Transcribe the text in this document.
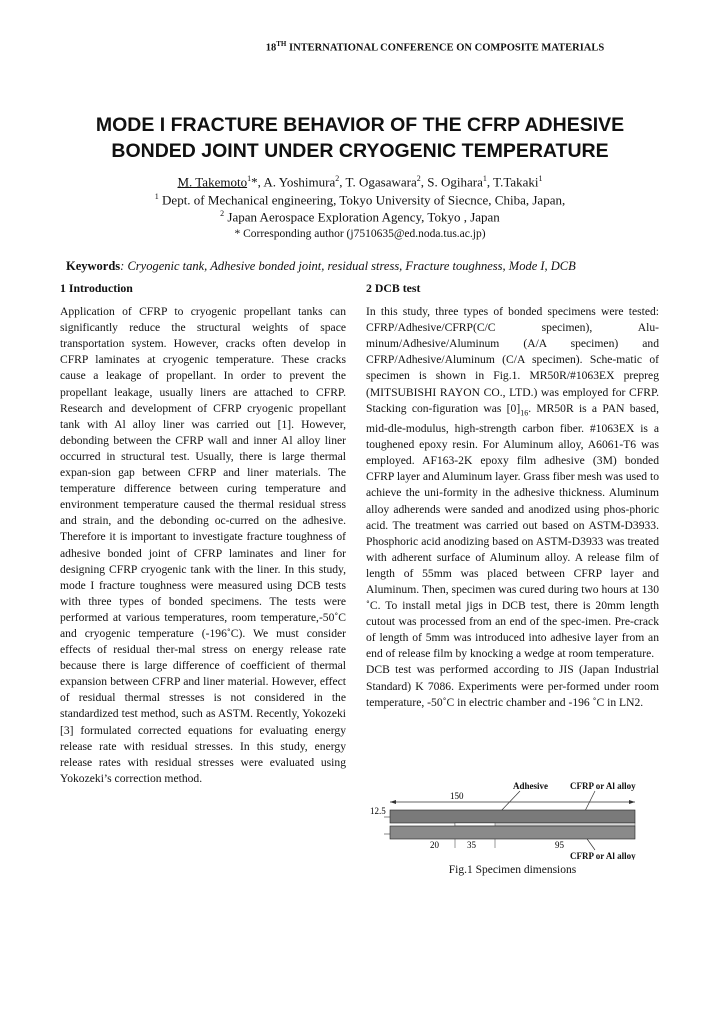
18TH INTERNATIONAL CONFERENCE ON COMPOSITE MATERIALS
MODE I FRACTURE BEHAVIOR OF THE CFRP ADHESIVE
BONDED JOINT UNDER CRYOGENIC TEMPERATURE
M. Takemoto$^1$*, A. Yoshimura$^2$, T. Ogasawara$^2$, S. Ogihara$^1$, T.Takaki$^1$
$^1$ Dept. of Mechanical engineering, Tokyo University of Siecnce, Chiba, Japan,
$^2$ Japan Aerospace Exploration Agency, Tokyo , Japan
* Corresponding author (j7510635@ed.noda.tus.ac.jp)
Keywords: Cryogenic tank, Adhesive bonded joint, residual stress, Fracture toughness, Mode I, DCB
1 Introduction
Application of CFRP to cryogenic propellant tanks can significantly reduce the structural weights of space transportation system. However, cracks often develop in CFRP laminates at cryogenic temperature. These cracks cause a leakage of propellant. In order to prevent the propellant leakage, usually liners are attached to CFRP. Research and development of CFRP cryogenic propellant tank with Al alloy liner was carried out [1]. However, debonding between the CFRP wall and inner Al alloy liner occurred in structural test. Usually, there is large thermal expan-sion gap between CFRP and liner materials. The temperature difference between curing temperature and environment temperature caused the thermal residual stress and strain, and the debonding oc-curred on the adhesive. Therefore it is important to investigate fracture toughness of adhesive bonded joint of CFRP laminates and liner for designing CFRP cryogenic tank with the liner. In this study, mode I fracture toughness were measured using DCB tests with three types of bonded specimens. The tests were performed at various temperatures, room temperature,-50˚C and cryogenic temperature (-196˚C). We must consider effects of residual ther-mal stress on energy release rate because there is large difference of coefficient of thermal expansion between CFRP and liner material. However, effect of residual thermal stresses is not considered in the standardized test method, such as ASTM. Recently, Yokozeki [3] formulated corrected equations for evaluating energy release rate with residual stresses. In this study, energy release rates with residual stresses were evaluated using Yokozeki’s correction method.
2 DCB test
In this study, three types of bonded specimens were tested: CFRP/Adhesive/CFRP(C/C specimen), Alu-minum/Adhesive/Aluminum (A/A specimen) and CFRP/Adhesive/Aluminum (C/A specimen). Sche-matic of specimen is shown in Fig.1. MR50R/#1063EX prepreg (MITSUBISHI RAYON CO., LTD.) was employed for CFRP. Stacking con-figuration was $[0]_{16}$. MR50R is a PAN based, mid-dle-modulus, high-strength carbon fiber. #1063EX is a toughened epoxy resin. For Aluminum alloy, A6061-T6 was employed. AF163-2K epoxy film adhesive (3M) bonded CFRP layer and Aluminum layer. Grass fiber mesh was used to achieve the uni-formity in the adhesive thickness. Aluminum alloy adherends were sanded and anodized using phos-phoric acid. The treatment was carried out based on ASTM-D3933. Phosphoric acid anodizing based on ASTM-D3933 was treated with adherent surface of Aluminum alloy. A release film of length of 55mm was placed between CFRP layer and Aluminum. Then, specimen was cured during two hours at 130 ˚C. To install metal jigs in DCB test, there is 20mm length cutout was processed from an end of the spec-imen. Pre-crack of length of 5mm was introduced into adhesive layer from an end of release film by knocking a wedge at room temperature.
DCB test was performed according to JIS (Japan Industrial Standard) K 7086. Experiments were per-formed under room temperature, -50˚C in electric chamber and -196 ˚C in LN2.
Adhesive CFRP or Al alloy
CFRP or Al alloy
150
12.5
20	35	95
Fig.1 Specimen dimensions
